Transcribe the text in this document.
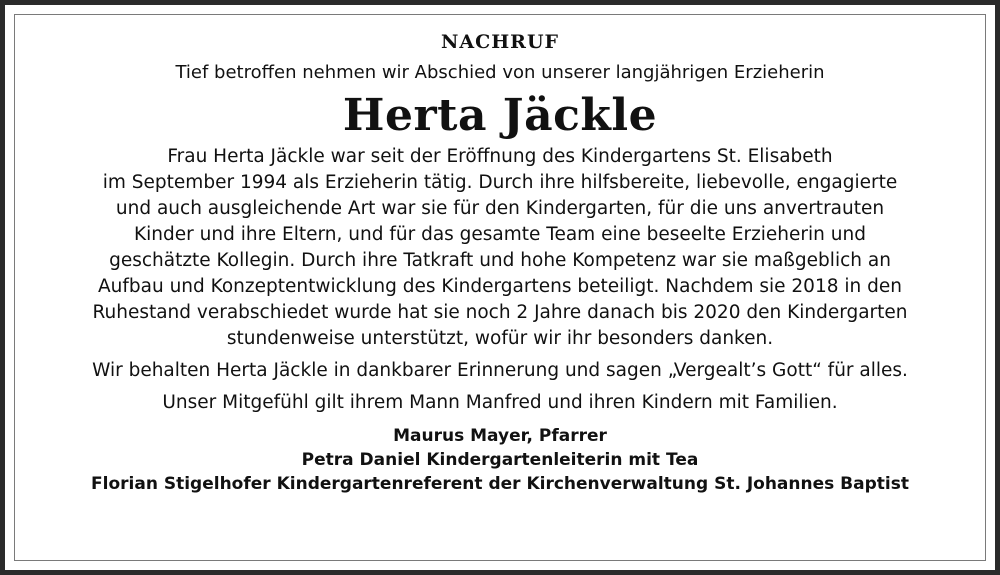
NACHRUF

Tief betroffen nehmen wir Abschied von unserer langjährigen Erzieherin

Herta Jäckle

Frau Herta Jäckle war seit der Eröffnung des Kindergartens St. Elisabeth
im September 1994 als Erzieherin tätig. Durch ihre hilfsbereite, liebevolle, engagierte
und auch ausgleichende Art war sie für den Kindergarten, für die uns anvertrauten
Kinder und ihre Eltern, und für das gesamte Team eine beseelte Erzieherin und
geschätzte Kollegin. Durch ihre Tatkraft und hohe Kompetenz war sie maßgeblich an
Aufbau und Konzeptentwicklung des Kindergartens beteiligt. Nachdem sie 2018 in den
Ruhestand verabschiedet wurde hat sie noch 2 Jahre danach bis 2020 den Kindergarten
stundenweise unterstützt, wofür wir ihr besonders danken.

Wir behalten Herta Jäckle in dankbarer Erinnerung und sagen „Vergealt’s Gott“ für alles.

Unser Mitgefühl gilt ihrem Mann Manfred und ihren Kindern mit Familien.

Maurus Mayer, Pfarrer

Petra Daniel Kindergartenleiterin mit Tea

Florian Stigelhofer Kindergartenreferent der Kirchenverwaltung St. Johannes Baptist
